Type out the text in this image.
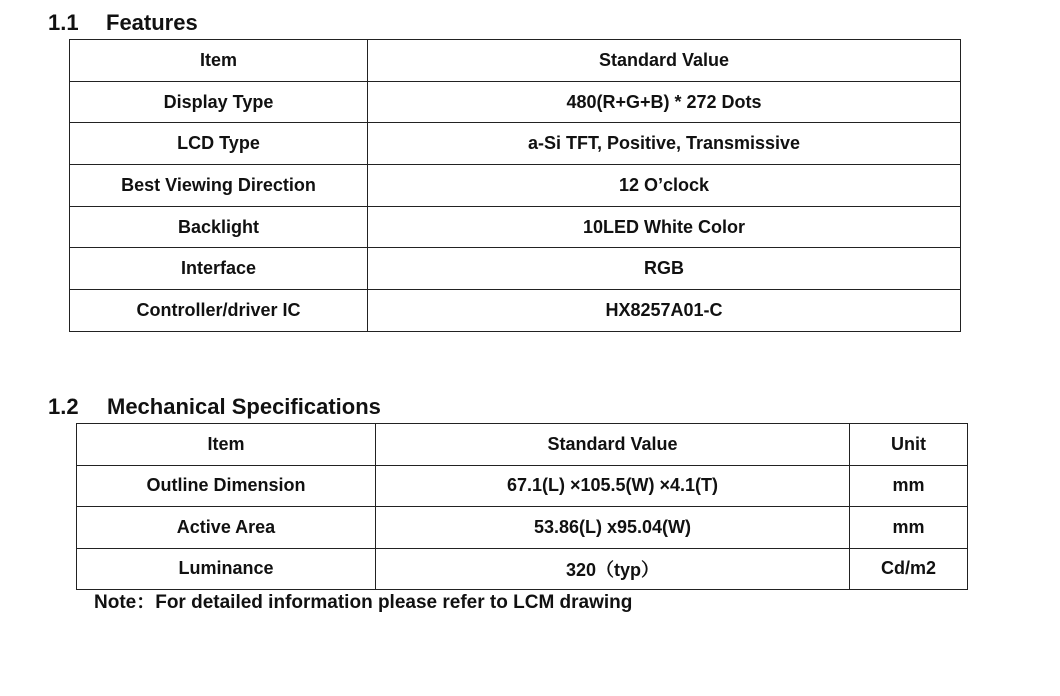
1.1 Features
Item	Standard Value
Display Type	480(R+G+B) * 272 Dots
LCD Type	a-Si TFT, Positive, Transmissive
Best Viewing Direction	12 O’clock
Backlight	10LED White Color
Interface	RGB
Controller/driver IC	HX8257A01-C
1.2 Mechanical Specifications
Item	Standard Value	Unit
Outline Dimension	67.1(L) ×105.5(W) ×4.1(T)	mm
Active Area	53.86(L) x95.04(W)	mm
Luminance	320（typ）	Cd/m2
Note：For detailed information please refer to LCM drawing
